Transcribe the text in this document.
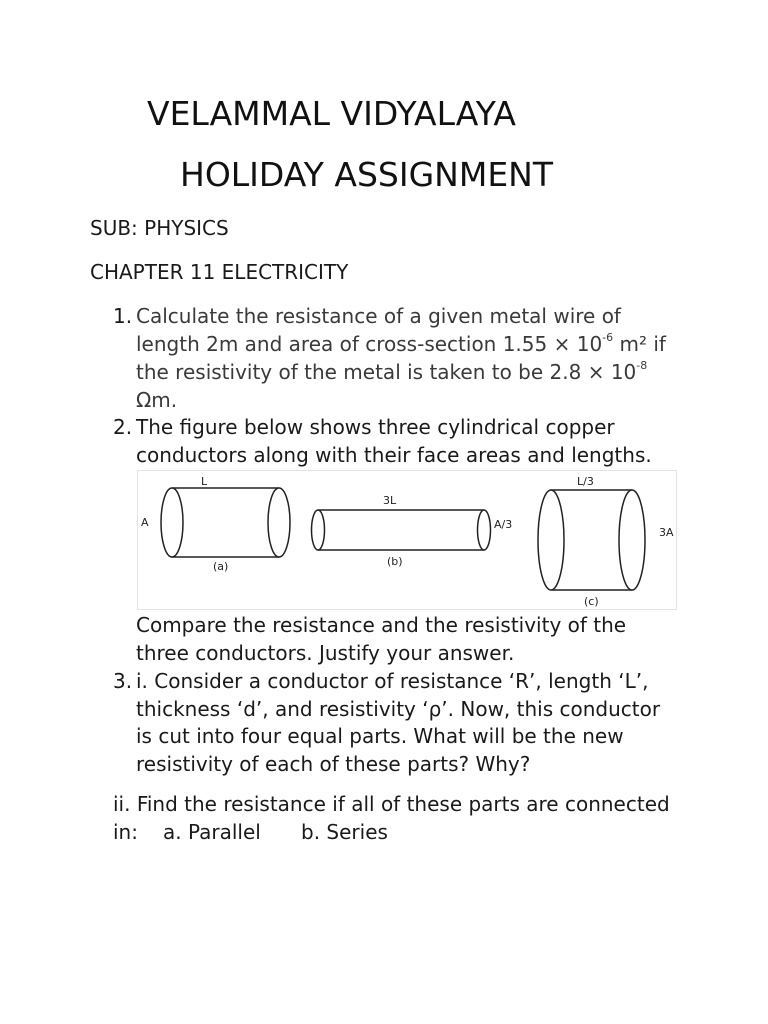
VELAMMAL VIDYALAYA
HOLIDAY ASSIGNMENT
SUB: PHYSICS
CHAPTER 11 ELECTRICITY
1. Calculate the resistance of a given metal wire of
length 2m and area of cross-section $1.55 \times 10^{-6}$ m² if
the resistivity of the metal is taken to be $2.8 \times 10^{-8}$
Ωm.
2. The figure below shows three cylindrical copper
conductors along with their face areas and lengths.
L
A
(a)
3L
A/3
(b)
L/3
3A
(c)
Compare the resistance and the resistivity of the
three conductors. Justify your answer.
3. i. Consider a conductor of resistance ‘R’, length ‘L’,
thickness ‘d’, and resistivity ‘ρ’. Now, this conductor
is cut into four equal parts. What will be the new
resistivity of each of these parts? Why?
ii. Find the resistance if all of these parts are connected
in: a. Parallel b. Series
